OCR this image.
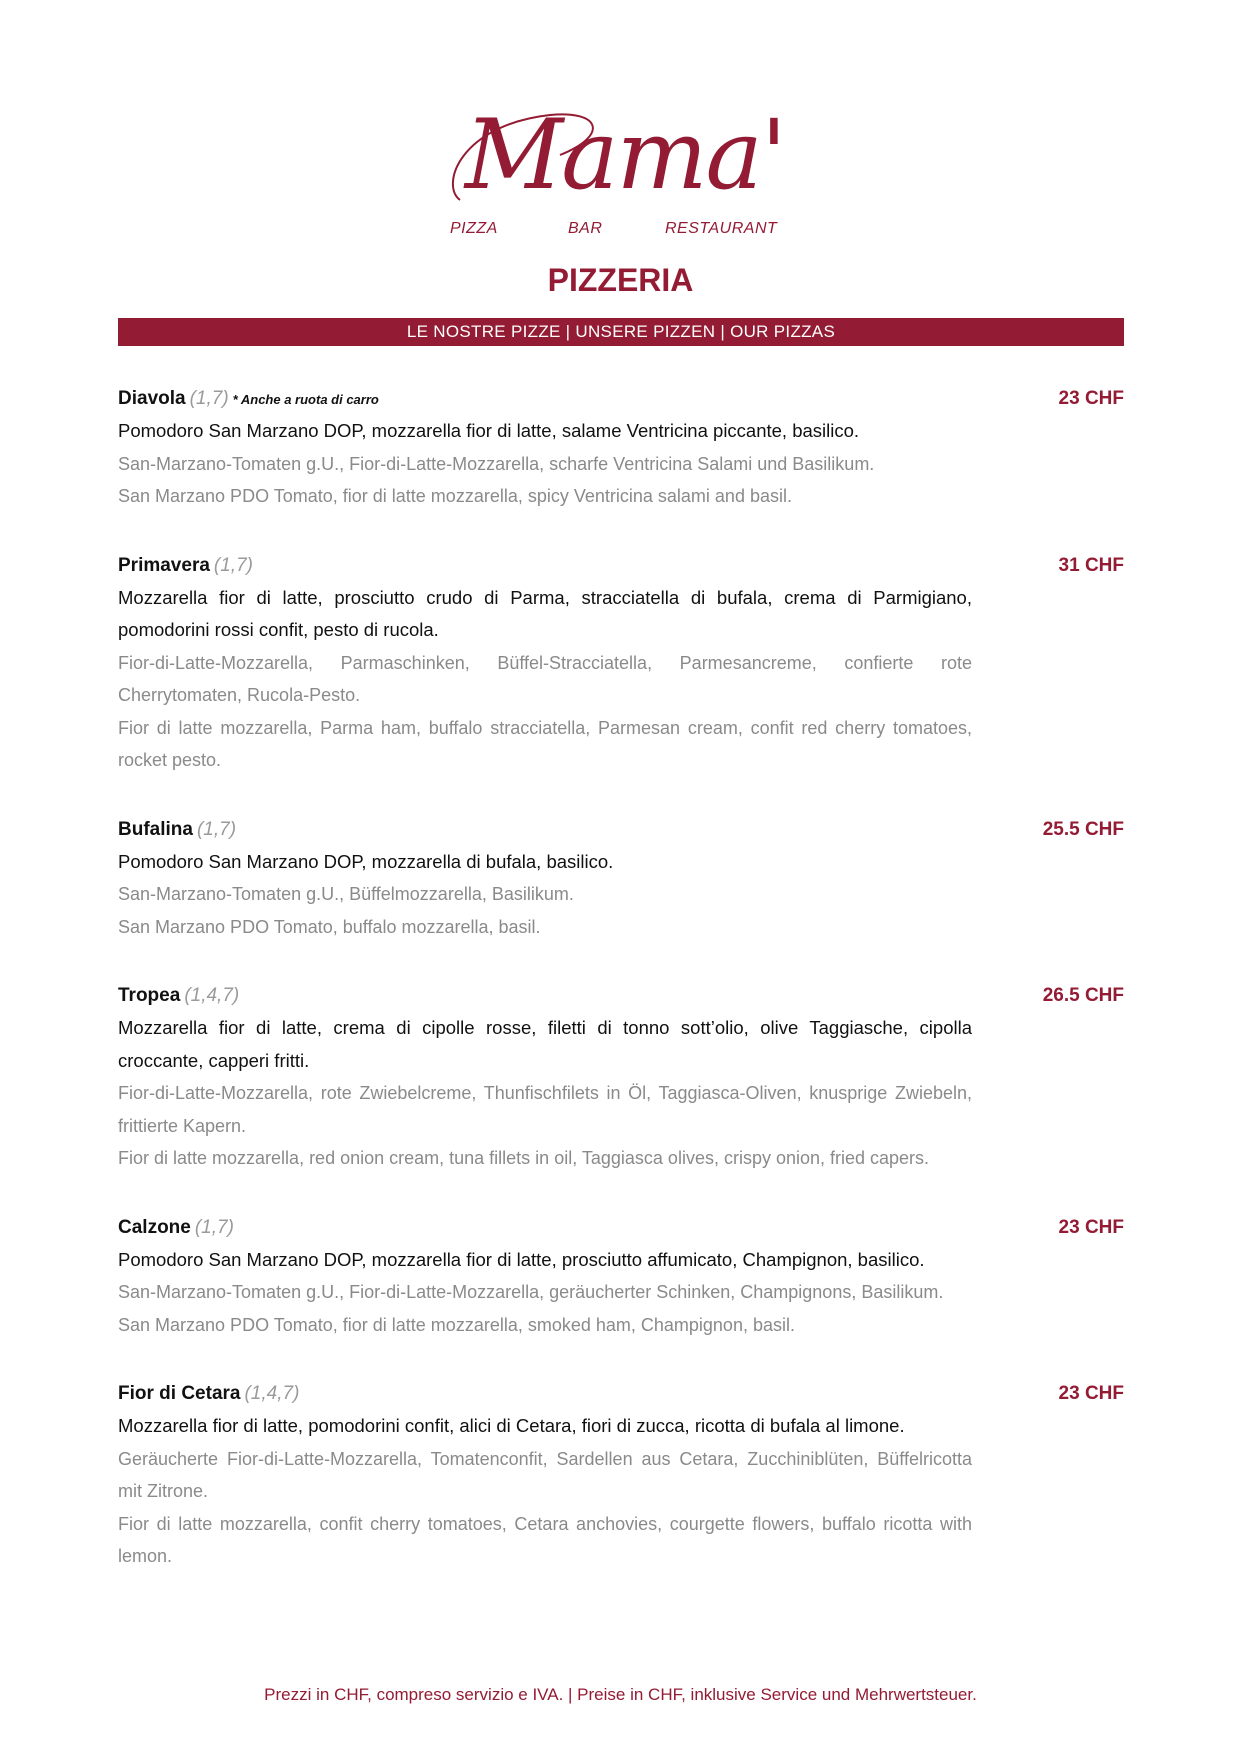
Mama'
PIZZA	BAR	RESTAURANT
PIZZERIA
LE NOSTRE PIZZE | UNSERE PIZZEN | OUR PIZZAS
Diavola (1,7) * Anche a ruota di carro	23 CHF
Pomodoro San Marzano DOP, mozzarella fior di latte, salame Ventricina piccante, basilico.
San-Marzano-Tomaten g.U., Fior-di-Latte-Mozzarella, scharfe Ventricina Salami und Basilikum.
San Marzano PDO Tomato, fior di latte mozzarella, spicy Ventricina salami and basil.
Primavera (1,7)	31 CHF
Mozzarella fior di latte, prosciutto crudo di Parma, stracciatella di bufala, crema di Parmigiano, pomodorini rossi confit, pesto di rucola.
Fior-di-Latte-Mozzarella, Parmaschinken, Büffel-Stracciatella, Parmesancreme, confierte rote Cherrytomaten, Rucola-Pesto.
Fior di latte mozzarella, Parma ham, buffalo stracciatella, Parmesan cream, confit red cherry tomatoes, rocket pesto.
Bufalina (1,7)	25.5 CHF
Pomodoro San Marzano DOP, mozzarella di bufala, basilico.
San-Marzano-Tomaten g.U., Büffelmozzarella, Basilikum.
San Marzano PDO Tomato, buffalo mozzarella, basil.
Tropea (1,4,7)	26.5 CHF
Mozzarella fior di latte, crema di cipolle rosse, filetti di tonno sott’olio, olive Taggiasche, cipolla croccante, capperi fritti.
Fior-di-Latte-Mozzarella, rote Zwiebelcreme, Thunfischfilets in Öl, Taggiasca-Oliven, knusprige Zwiebeln, frittierte Kapern.
Fior di latte mozzarella, red onion cream, tuna fillets in oil, Taggiasca olives, crispy onion, fried capers.
Calzone (1,7)	23 CHF
Pomodoro San Marzano DOP, mozzarella fior di latte, prosciutto affumicato, Champignon, basilico.
San-Marzano-Tomaten g.U., Fior-di-Latte-Mozzarella, geräucherter Schinken, Champignons, Basilikum.
San Marzano PDO Tomato, fior di latte mozzarella, smoked ham, Champignon, basil.
Fior di Cetara (1,4,7)	23 CHF
Mozzarella fior di latte, pomodorini confit, alici di Cetara, fiori di zucca, ricotta di bufala al limone.
Geräucherte Fior-di-Latte-Mozzarella, Tomatenconfit, Sardellen aus Cetara, Zucchiniblüten, Büffelricotta mit Zitrone.
Fior di latte mozzarella, confit cherry tomatoes, Cetara anchovies, courgette flowers, buffalo ricotta with lemon.
Prezzi in CHF, compreso servizio e IVA. | Preise in CHF, inklusive Service und Mehrwertsteuer.
